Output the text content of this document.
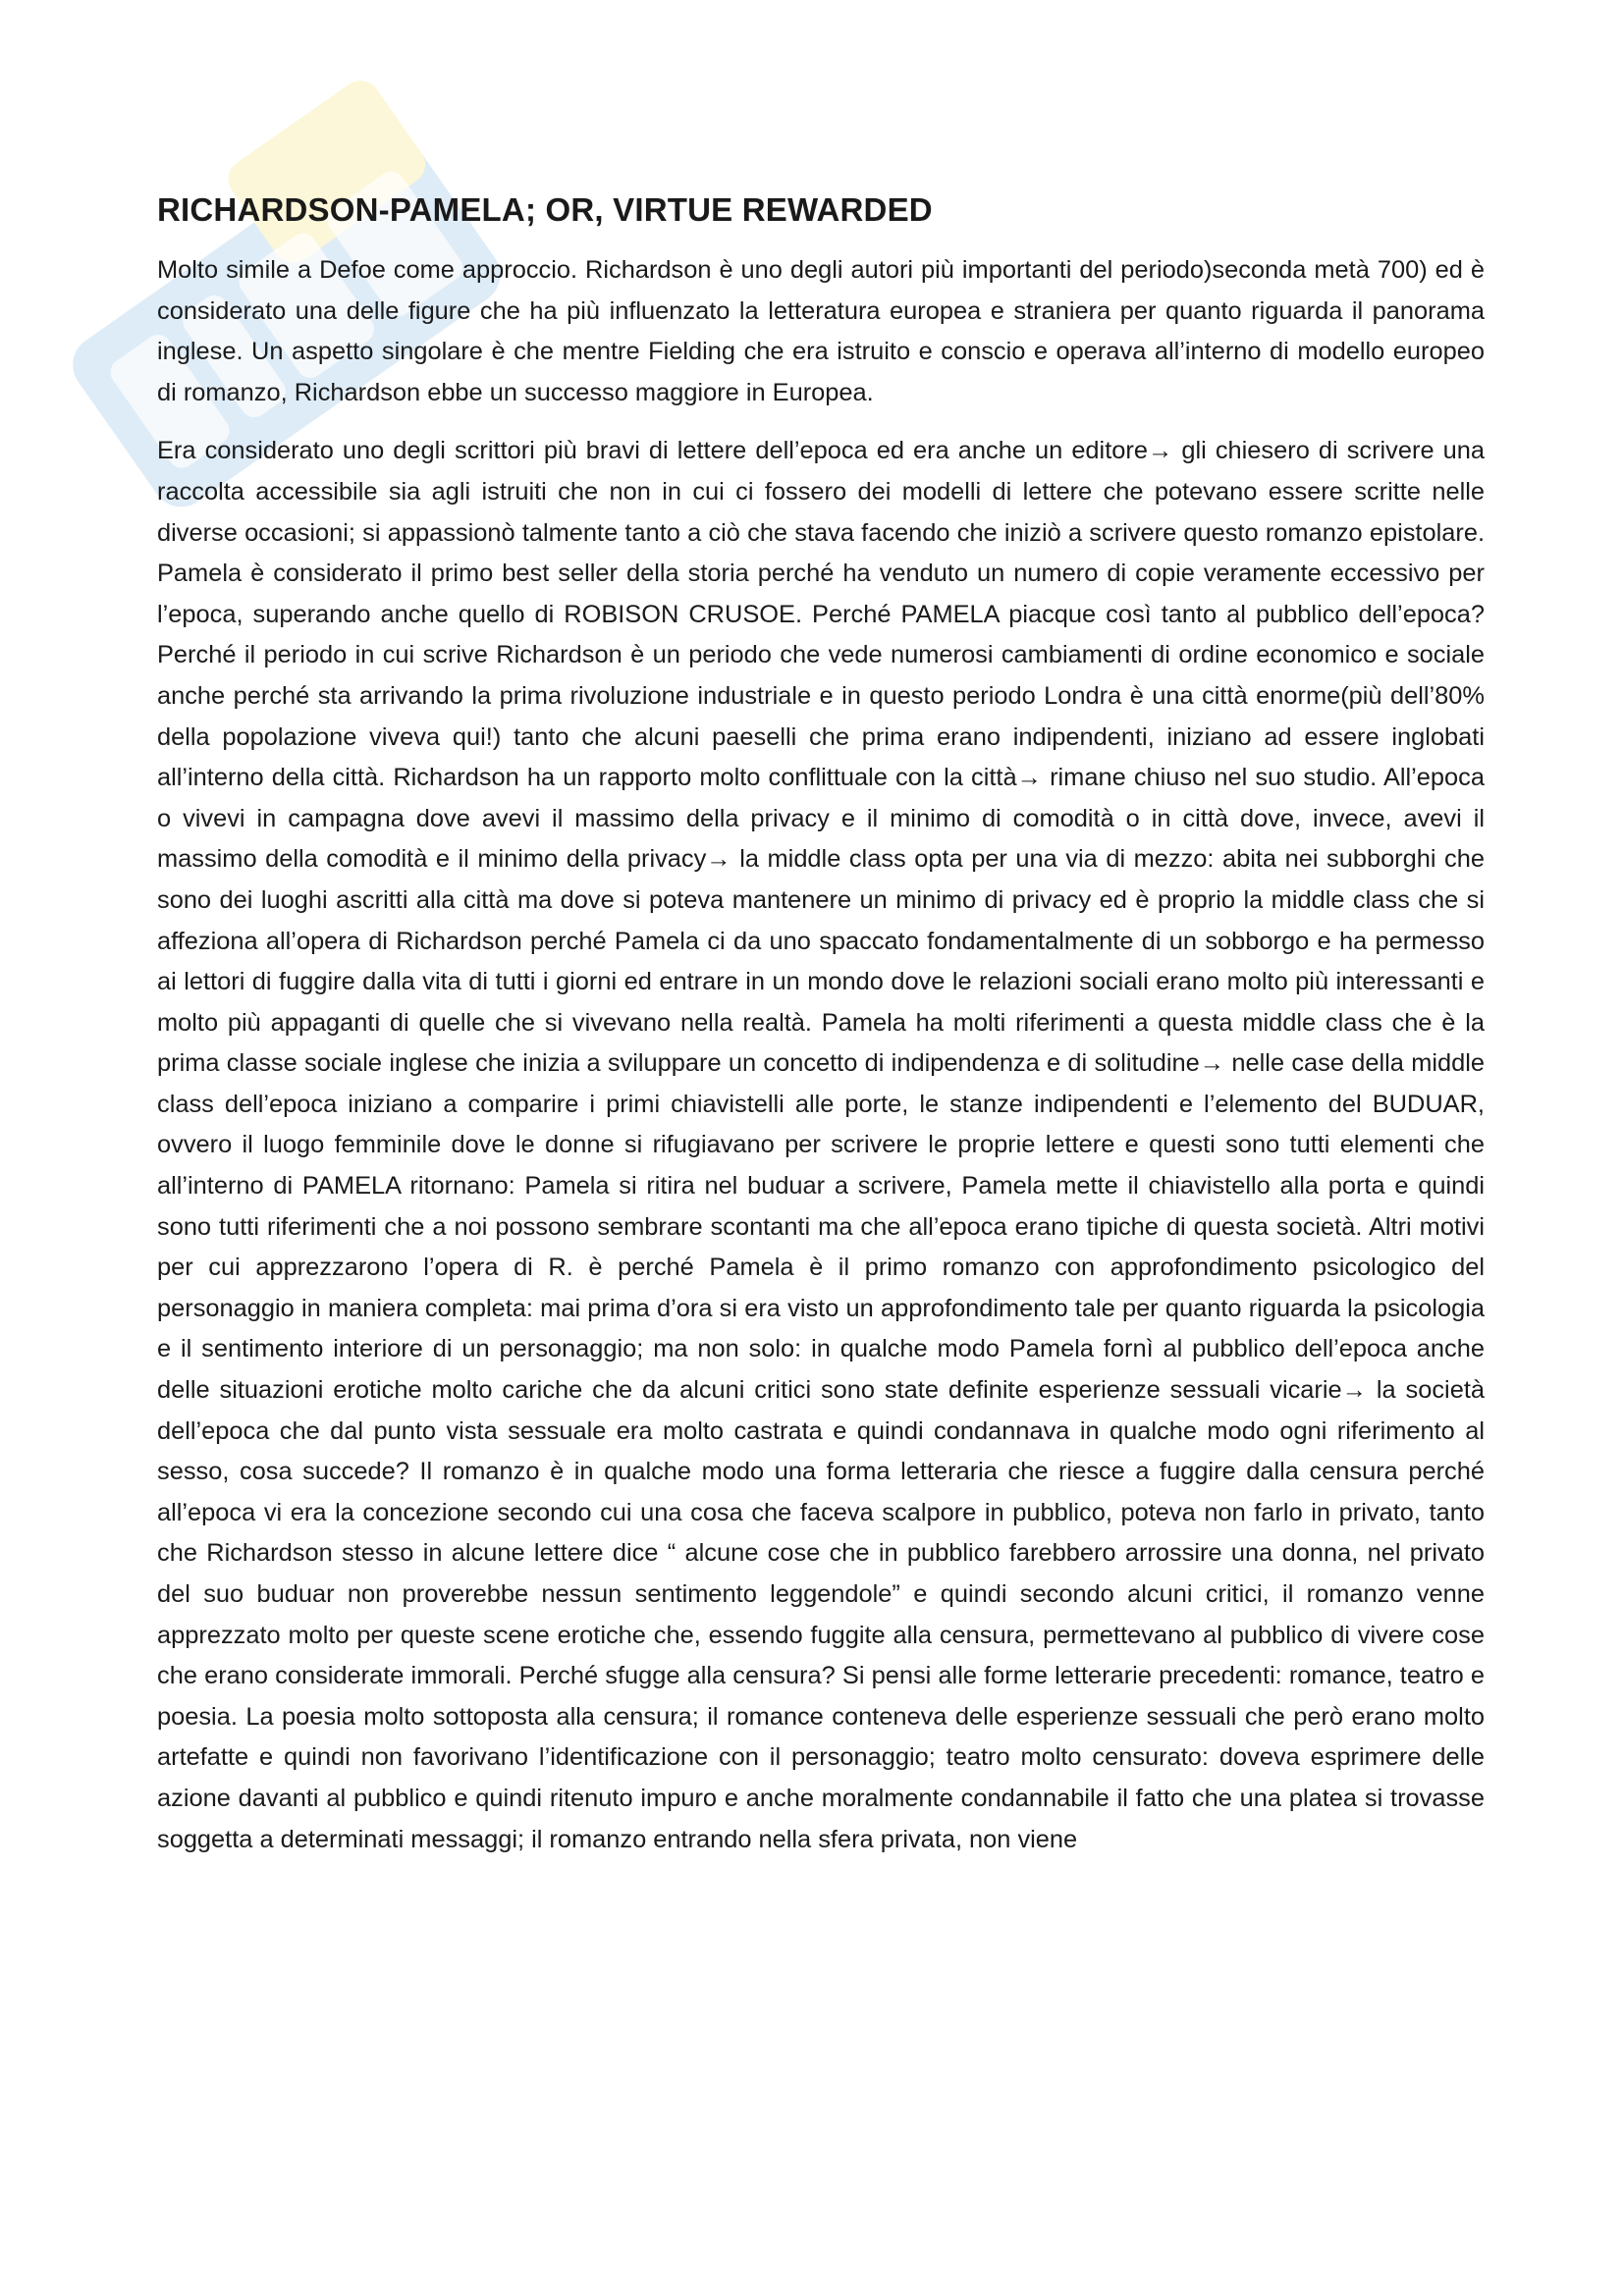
RICHARDSON-PAMELA; OR, VIRTUE REWARDED

Molto simile a Defoe come approccio. Richardson è uno degli autori più importanti del periodo)seconda metà 700) ed è considerato una delle figure che ha più influenzato la letteratura europea e straniera per quanto riguarda il panorama inglese. Un aspetto singolare è che mentre Fielding che era istruito e conscio e operava all’interno di modello europeo di romanzo, Richardson ebbe un successo maggiore in Europea.

Era considerato uno degli scrittori più bravi di lettere dell’epoca ed era anche un editore→ gli chiesero di scrivere una raccolta accessibile sia agli istruiti che non in cui ci fossero dei modelli di lettere che potevano essere scritte nelle diverse occasioni; si appassionò talmente tanto a ciò che stava facendo che iniziò a scrivere questo romanzo epistolare. Pamela è considerato il primo best seller della storia perché ha venduto un numero di copie veramente eccessivo per l’epoca, superando anche quello di ROBISON CRUSOE. Perché PAMELA piacque così tanto al pubblico dell’epoca? Perché il periodo in cui scrive Richardson è un periodo che vede numerosi cambiamenti di ordine economico e sociale anche perché sta arrivando la prima rivoluzione industriale e in questo periodo Londra è una città enorme(più dell’80% della popolazione viveva qui!) tanto che alcuni paeselli che prima erano indipendenti, iniziano ad essere inglobati all’interno della città. Richardson ha un rapporto molto conflittuale con la città→ rimane chiuso nel suo studio. All’epoca o vivevi in campagna dove avevi il massimo della privacy e il minimo di comodità o in città dove, invece, avevi il massimo della comodità e il minimo della privacy→ la middle class opta per una via di mezzo: abita nei subborghi che sono dei luoghi ascritti alla città ma dove si poteva mantenere un minimo di privacy ed è proprio la middle class che si affeziona all’opera di Richardson perché Pamela ci da uno spaccato fondamentalmente di un sobborgo e ha permesso ai lettori di fuggire dalla vita di tutti i giorni ed entrare in un mondo dove le relazioni sociali erano molto più interessanti e molto più appaganti di quelle che si vivevano nella realtà. Pamela ha molti riferimenti a questa middle class che è la prima classe sociale inglese che inizia a sviluppare un concetto di indipendenza e di solitudine→ nelle case della middle class dell’epoca iniziano a comparire i primi chiavistelli alle porte, le stanze indipendenti e l’elemento del BUDUAR, ovvero il luogo femminile dove le donne si rifugiavano per scrivere le proprie lettere e questi sono tutti elementi che all’interno di PAMELA ritornano: Pamela si ritira nel buduar a scrivere, Pamela mette il chiavistello alla porta e quindi sono tutti riferimenti che a noi possono sembrare scontanti ma che all’epoca erano tipiche di questa società. Altri motivi per cui apprezzarono l’opera di R. è perché Pamela è il primo romanzo con approfondimento psicologico del personaggio in maniera completa: mai prima d’ora si era visto un approfondimento tale per quanto riguarda la psicologia e il sentimento interiore di un personaggio; ma non solo: in qualche modo Pamela fornì al pubblico dell’epoca anche delle situazioni erotiche molto cariche che da alcuni critici sono state definite esperienze sessuali vicarie→ la società dell’epoca che dal punto vista sessuale era molto castrata e quindi condannava in qualche modo ogni riferimento al sesso, cosa succede? Il romanzo è in qualche modo una forma letteraria che riesce a fuggire dalla censura perché all’epoca vi era la concezione secondo cui una cosa che faceva scalpore in pubblico, poteva non farlo in privato, tanto che Richardson stesso in alcune lettere dice “ alcune cose che in pubblico farebbero arrossire una donna, nel privato del suo buduar non proverebbe nessun sentimento leggendole” e quindi secondo alcuni critici, il romanzo venne apprezzato molto per queste scene erotiche che, essendo fuggite alla censura, permettevano al pubblico di vivere cose che erano considerate immorali. Perché sfugge alla censura? Si pensi alle forme letterarie precedenti: romance, teatro e poesia. La poesia molto sottoposta alla censura; il romance conteneva delle esperienze sessuali che però erano molto artefatte e quindi non favorivano l’identificazione con il personaggio; teatro molto censurato: doveva esprimere delle azione davanti al pubblico e quindi ritenuto impuro e anche moralmente condannabile il fatto che una platea si trovasse soggetta a determinati messaggi; il romanzo entrando nella sfera privata, non viene
